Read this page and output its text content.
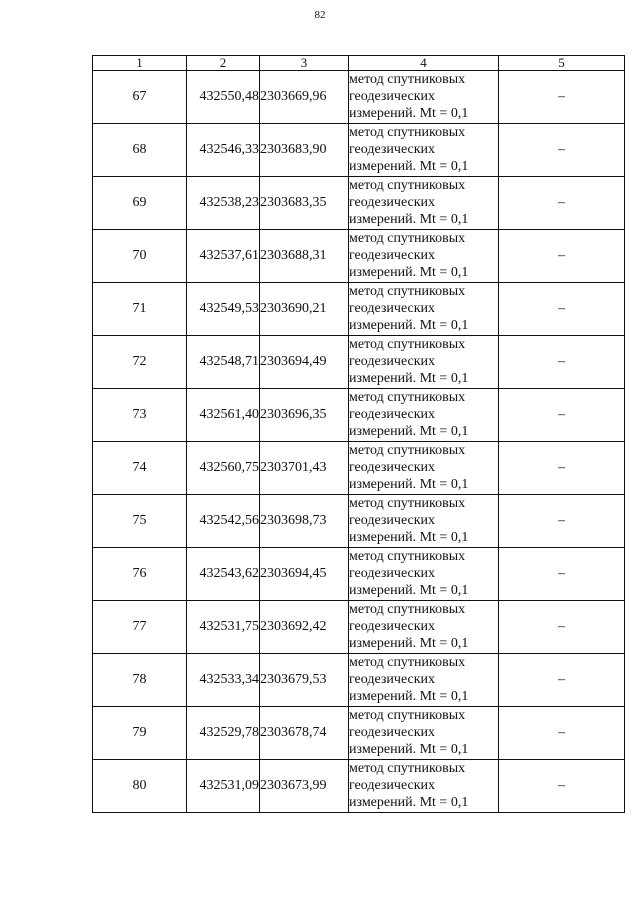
82
1	2	3	4	5
67	432550,48	2303669,96	метод спутниковых
геодезических
измерений. Mt = 0,1	–
68	432546,33	2303683,90	метод спутниковых
геодезических
измерений. Mt = 0,1	–
69	432538,23	2303683,35	метод спутниковых
геодезических
измерений. Mt = 0,1	–
70	432537,61	2303688,31	метод спутниковых
геодезических
измерений. Mt = 0,1	–
71	432549,53	2303690,21	метод спутниковых
геодезических
измерений. Mt = 0,1	–
72	432548,71	2303694,49	метод спутниковых
геодезических
измерений. Mt = 0,1	–
73	432561,40	2303696,35	метод спутниковых
геодезических
измерений. Mt = 0,1	–
74	432560,75	2303701,43	метод спутниковых
геодезических
измерений. Mt = 0,1	–
75	432542,56	2303698,73	метод спутниковых
геодезических
измерений. Mt = 0,1	–
76	432543,62	2303694,45	метод спутниковых
геодезических
измерений. Mt = 0,1	–
77	432531,75	2303692,42	метод спутниковых
геодезических
измерений. Mt = 0,1	–
78	432533,34	2303679,53	метод спутниковых
геодезических
измерений. Mt = 0,1	–
79	432529,78	2303678,74	метод спутниковых
геодезических
измерений. Mt = 0,1	–
80	432531,09	2303673,99	метод спутниковых
геодезических
измерений. Mt = 0,1	–
